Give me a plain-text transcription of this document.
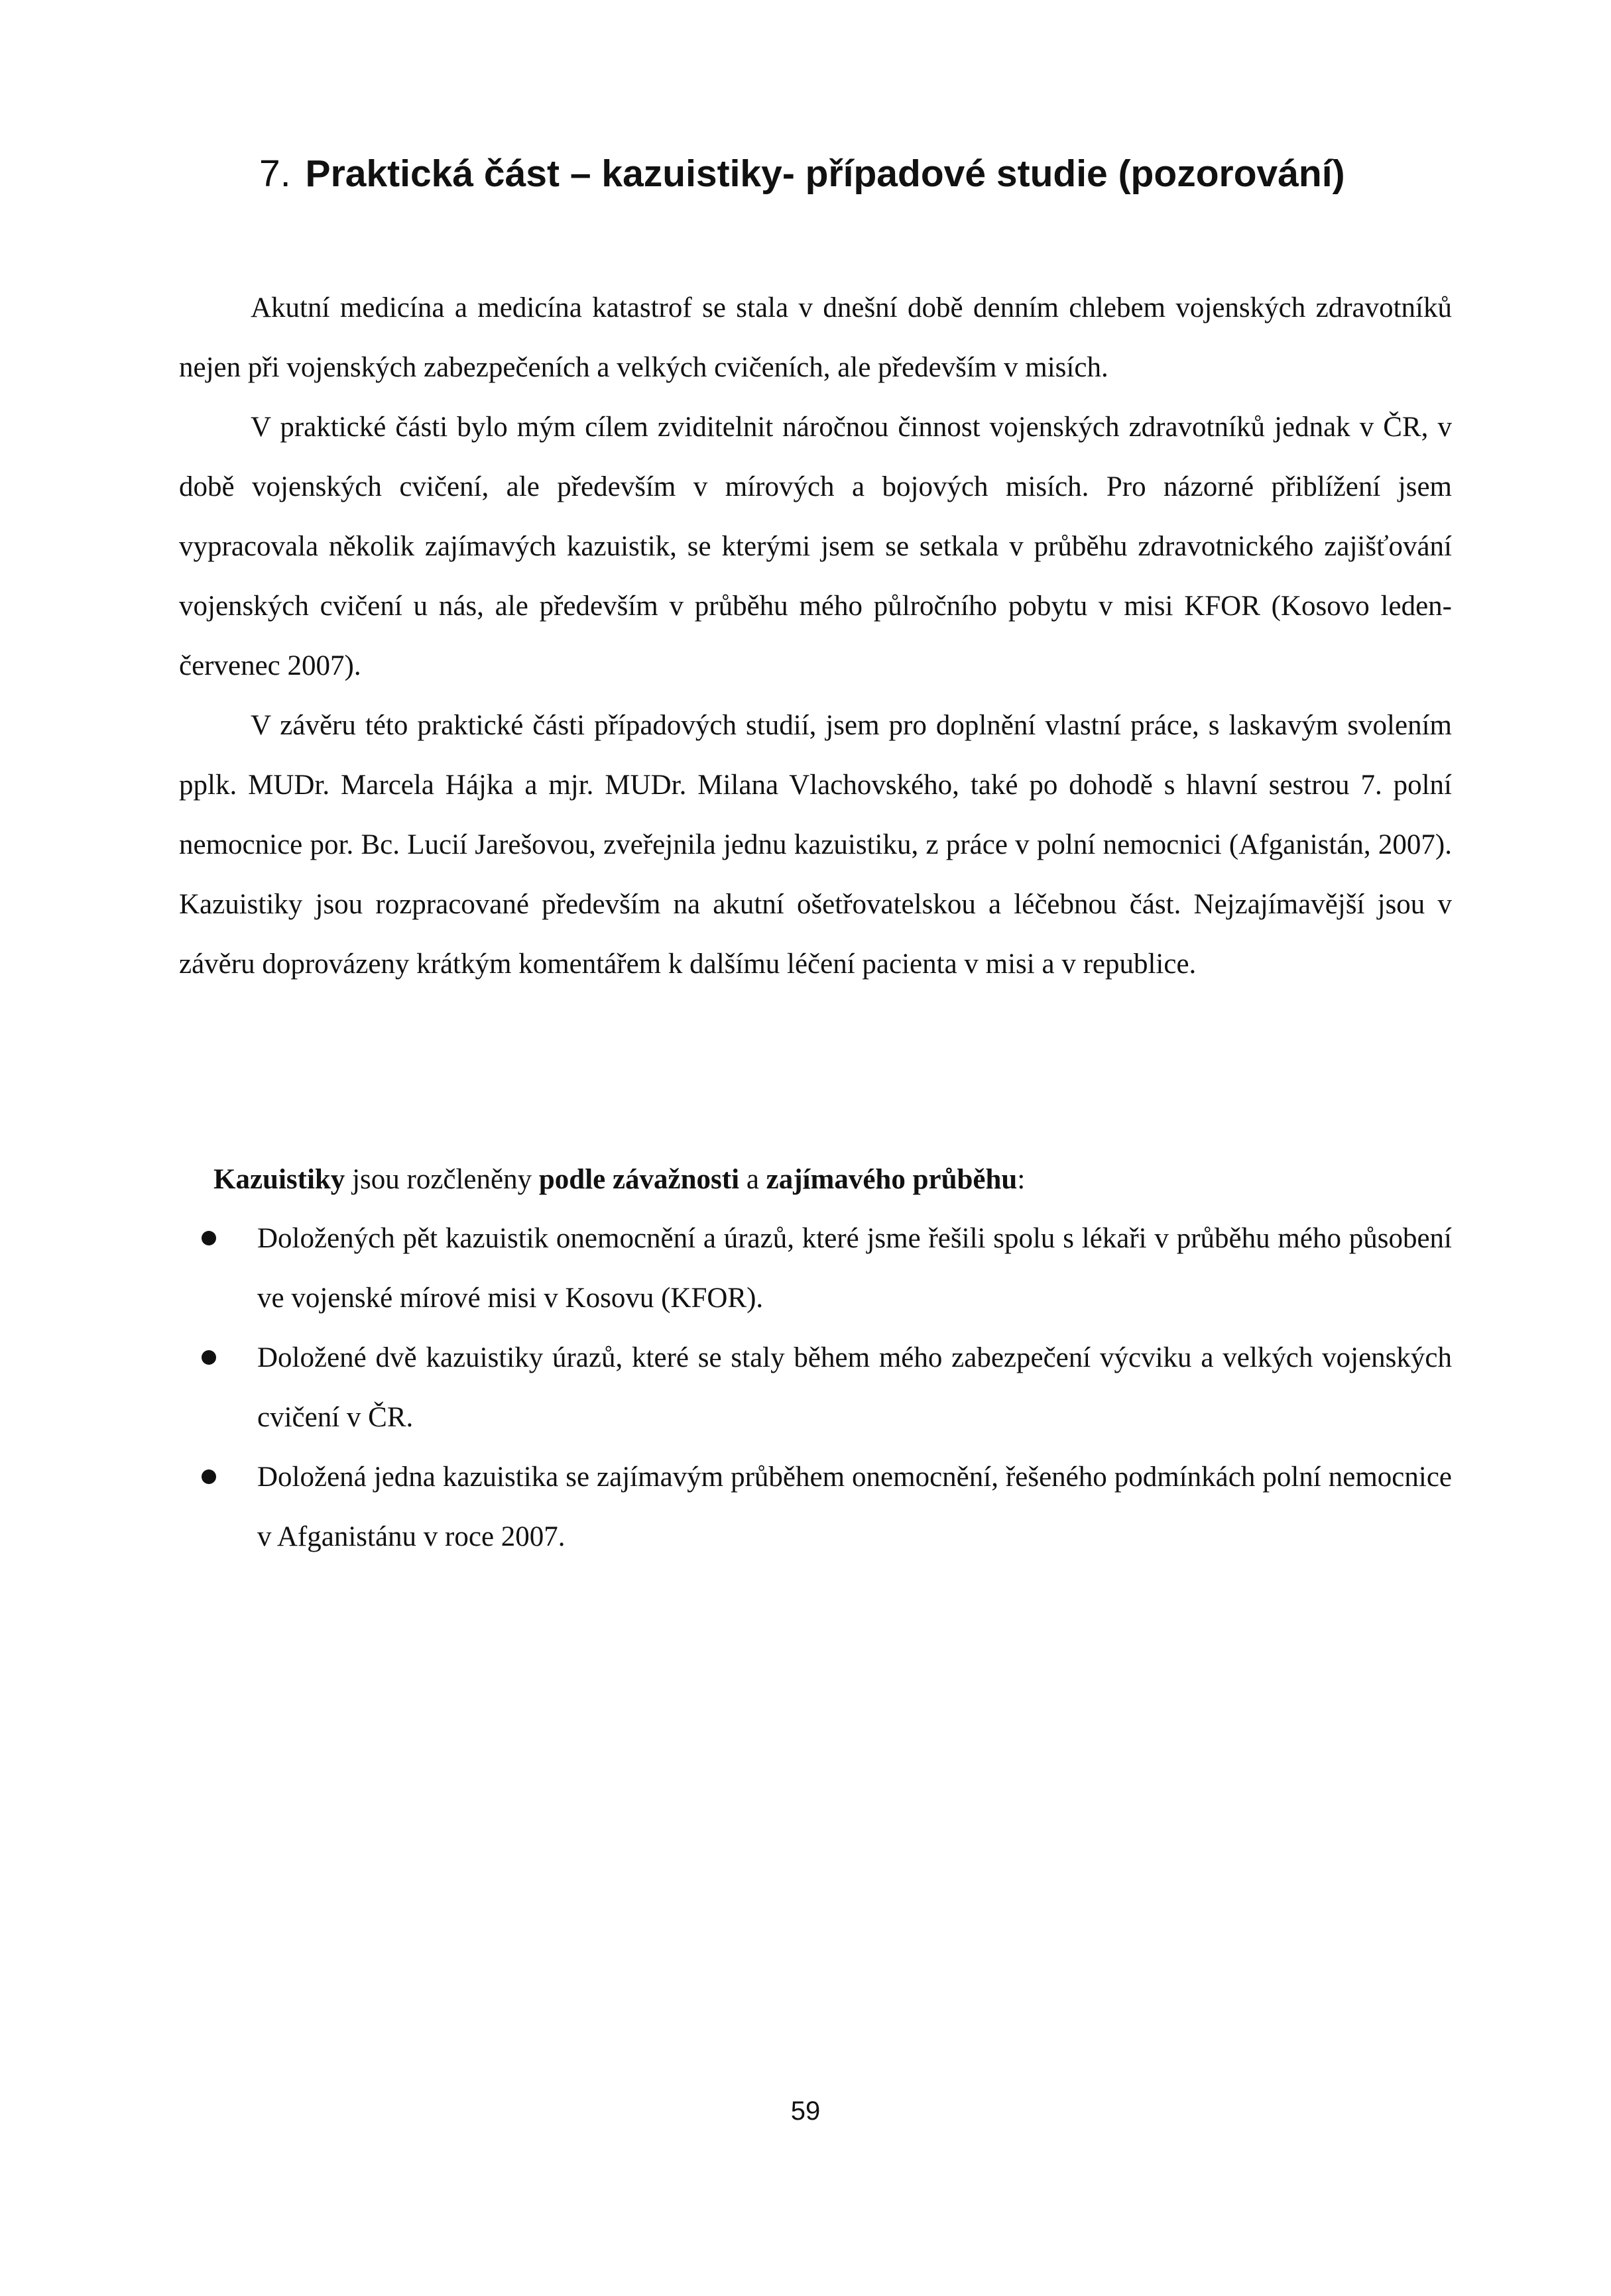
7. Praktická část – kazuistiky- případové studie (pozorování)

Akutní medicína a medicína katastrof se stala v dnešní době denním chlebem vojenských zdravotníků nejen při vojenských zabezpečeních a velkých cvičeních, ale především v misích.

V praktické části bylo mým cílem zviditelnit náročnou činnost vojenských zdravotníků jednak v ČR, v době vojenských cvičení, ale především v mírových a bojových misích. Pro názorné přiblížení jsem vypracovala několik zajímavých kazuistik, se kterými jsem se setkala v průběhu zdravotnického zajišťování vojenských cvičení u nás, ale především v průběhu mého půlročního pobytu v misi KFOR (Kosovo leden-červenec 2007).

V závěru této praktické části případových studií, jsem pro doplnění vlastní práce, s laskavým svolením pplk. MUDr. Marcela Hájka a mjr. MUDr. Milana Vlachovského, také po dohodě s hlavní sestrou 7. polní nemocnice por. Bc. Lucií Jarešovou, zveřejnila jednu kazuistiku, z práce v polní nemocnici (Afganistán, 2007). Kazuistiky jsou rozpracované především na akutní ošetřovatelskou a léčebnou část. Nejzajímavější jsou v závěru doprovázeny krátkým komentářem k dalšímu léčení pacienta v misi a v republice.

Kazuistiky jsou rozčleněny podle závažnosti a zajímavého průběhu:
Doložených pět kazuistik onemocnění a úrazů, které jsme řešili spolu s lékaři v průběhu mého působení ve vojenské mírové misi v Kosovu (KFOR).
Doložené dvě kazuistiky úrazů, které se staly během mého zabezpečení výcviku a velkých vojenských cvičení v ČR.
Doložená jedna kazuistika se zajímavým průběhem onemocnění, řešeného podmínkách polní nemocnice v Afganistánu v roce 2007.
59
